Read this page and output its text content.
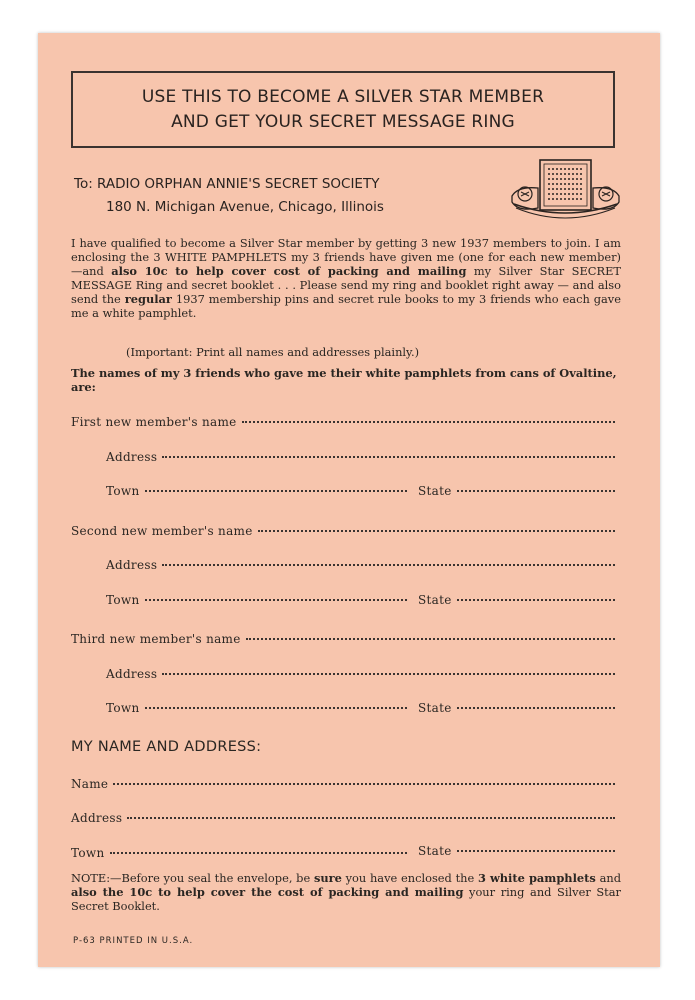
USE THIS TO BECOME A SILVER STAR MEMBER
AND GET YOUR SECRET MESSAGE RING
To: RADIO ORPHAN ANNIE'S SECRET SOCIETY
180 N. Michigan Avenue, Chicago, Illinois
I have qualified to become a Silver Star member by getting 3 new 1937 members to join. I am enclosing the 3 WHITE PAMPHLETS my 3 friends have given me (one for each new member)—and also 10c to help cover cost of packing and mailing my Silver Star SECRET MESSAGE Ring and secret booklet . . . Please send my ring and booklet right away — and also send the regular 1937 membership pins and secret rule books to my 3 friends who each gave me a white pamphlet.
(Important: Print all names and addresses plainly.)
The names of my 3 friends who gave me their white pamphlets from cans of Ovaltine, are:
First new member's name
Address
Town	State
Second new member's name
Address
Town	State
Third new member's name
Address
Town	State
MY NAME AND ADDRESS:
Name
Address
Town	State
NOTE:—Before you seal the envelope, be sure you have enclosed the 3 white pamphlets and also the 10c to help cover the cost of packing and mailing your ring and Silver Star Secret Booklet.
P-63 PRINTED IN U.S.A.
